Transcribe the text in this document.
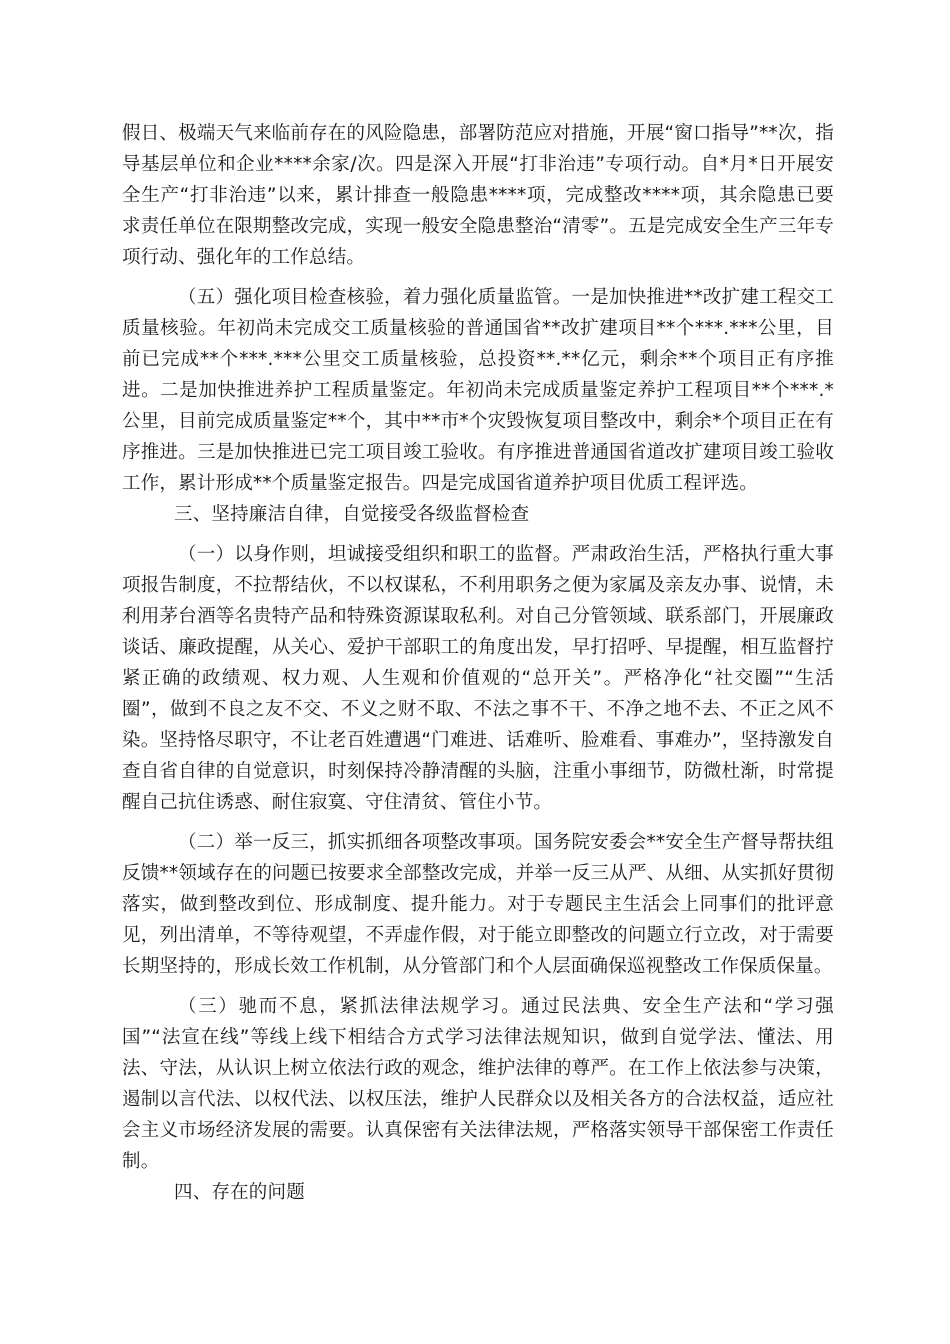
假日、极端天气来临前存在的风险隐患，部署防范应对措施，开展“窗口指导”**次，指导基层单位和企业****余家/次。四是深入开展“打非治违”专项行动。自*月*日开展安全生产“打非治违”以来，累计排查一般隐患****项，完成整改****项，其余隐患已要求责任单位在限期整改完成，实现一般安全隐患整治“清零”。五是完成安全生产三年专项行动、强化年的工作总结。

（五）强化项目检查核验，着力强化质量监管。一是加快推进**改扩建工程交工质量核验。年初尚未完成交工质量核验的普通国省**改扩建项目**个***.***公里，目前已完成**个***.***公里交工质量核验，总投资**.**亿元，剩余**个项目正有序推进。二是加快推进养护工程质量鉴定。年初尚未完成质量鉴定养护工程项目**个***.*公里，目前完成质量鉴定**个，其中**市*个灾毁恢复项目整改中，剩余*个项目正在有序推进。三是加快推进已完工项目竣工验收。有序推进普通国省道改扩建项目竣工验收工作，累计形成**个质量鉴定报告。四是完成国省道养护项目优质工程评选。

三、坚持廉洁自律，自觉接受各级监督检查

（一）以身作则，坦诚接受组织和职工的监督。严肃政治生活，严格执行重大事项报告制度，不拉帮结伙，不以权谋私，不利用职务之便为家属及亲友办事、说情，未利用茅台酒等名贵特产品和特殊资源谋取私利。对自己分管领域、联系部门，开展廉政谈话、廉政提醒，从关心、爱护干部职工的角度出发，早打招呼、早提醒，相互监督拧紧正确的政绩观、权力观、人生观和价值观的“总开关”。严格净化“社交圈”“生活圈”，做到不良之友不交、不义之财不取、不法之事不干、不净之地不去、不正之风不染。坚持恪尽职守，不让老百姓遭遇“门难进、话难听、脸难看、事难办”，坚持激发自查自省自律的自觉意识，时刻保持冷静清醒的头脑，注重小事细节，防微杜渐，时常提醒自己抗住诱惑、耐住寂寞、守住清贫、管住小节。

（二）举一反三，抓实抓细各项整改事项。国务院安委会**安全生产督导帮扶组反馈**领域存在的问题已按要求全部整改完成，并举一反三从严、从细、从实抓好贯彻落实，做到整改到位、形成制度、提升能力。对于专题民主生活会上同事们的批评意见，列出清单，不等待观望，不弄虚作假，对于能立即整改的问题立行立改，对于需要长期坚持的，形成长效工作机制，从分管部门和个人层面确保巡视整改工作保质保量。

（三）驰而不息，紧抓法律法规学习。通过民法典、安全生产法和“学习强国”“法宣在线”等线上线下相结合方式学习法律法规知识，做到自觉学法、懂法、用法、守法，从认识上树立依法行政的观念，维护法律的尊严。在工作上依法参与决策，遏制以言代法、以权代法、以权压法，维护人民群众以及相关各方的合法权益，适应社会主义市场经济发展的需要。认真保密有关法律法规，严格落实领导干部保密工作责任制。

四、存在的问题
